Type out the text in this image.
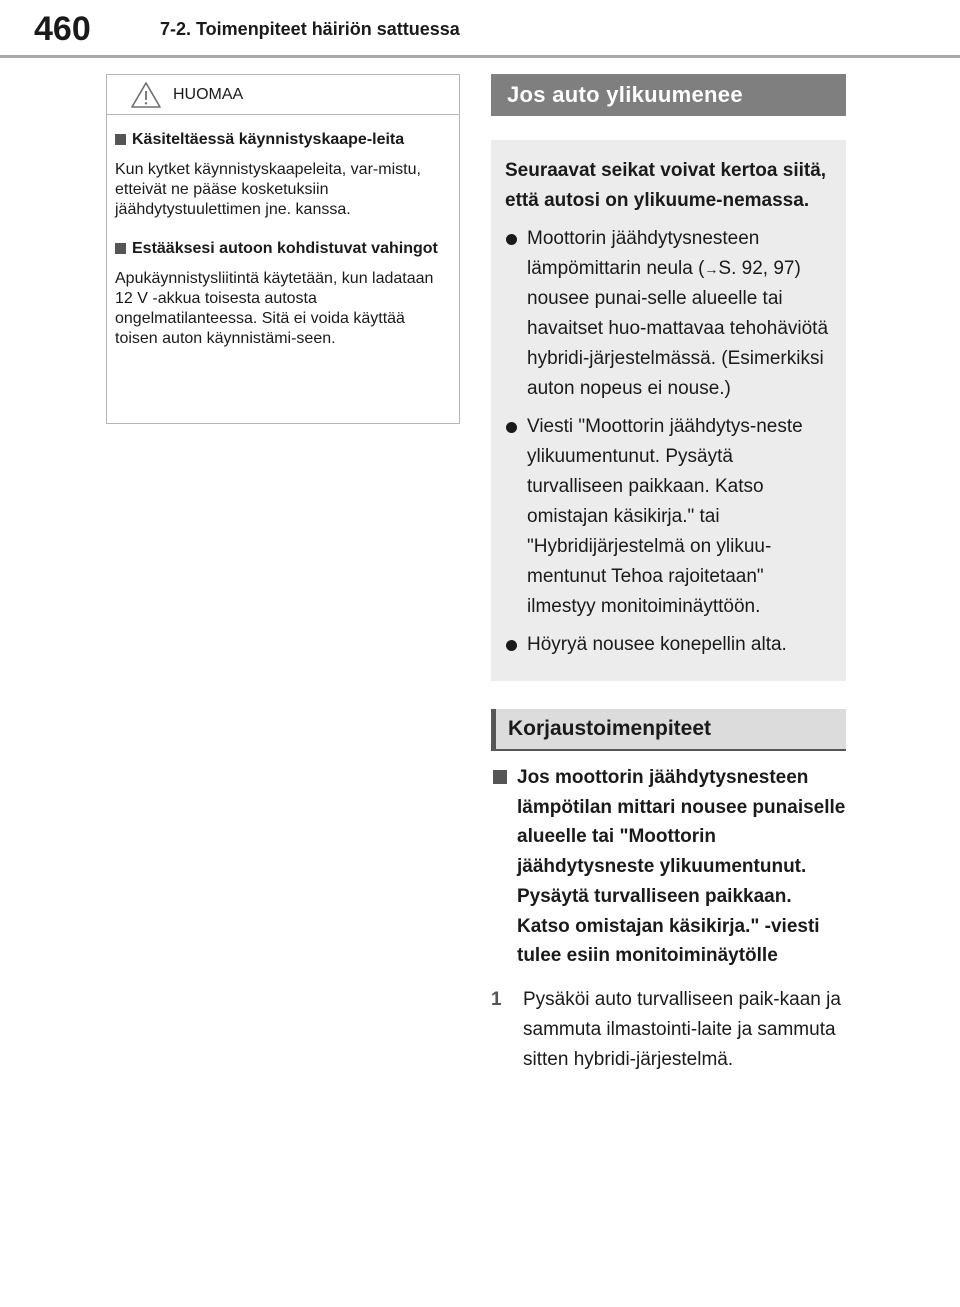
460	7-2. Toimenpiteet häiriön sattuessa
HUOMAA
Käsiteltäessä käynnistyskaape-leita
Kun kytket käynnistyskaapeleita, var-mistu, etteivät ne pääse kosketuksiin jäähdytystuulettimen jne. kanssa.
Estääksesi autoon kohdistuvat vahingot
Apukäynnistysliitintä käytetään, kun ladataan 12 V -akkua toisesta autosta ongelmatilanteessa. Sitä ei voida käyttää toisen auton käynnistämi-seen.
Jos auto ylikuumenee
Seuraavat seikat voivat kertoa siitä, että autosi on ylikuume-nemassa.
Moottorin jäähdytysnesteen lämpömittarin neula (→S. 92, 97) nousee punai-selle alueelle tai havaitset huo-mattavaa tehohäviötä hybridi-järjestelmässä. (Esimerkiksi auton nopeus ei nouse.)
Viesti "Moottorin jäähdytys-neste ylikuumentunut. Pysäytä turvalliseen paikkaan. Katso omistajan käsikirja." tai "Hybridijärjestelmä on ylikuu-mentunut Tehoa rajoitetaan" ilmestyy monitoiminäyttöön.
Höyryä nousee konepellin alta.
Korjaustoimenpiteet
Jos moottorin jäähdytysnesteen lämpötilan mittari nousee punaiselle alueelle tai "Moottorin jäähdytysneste ylikuumentunut. Pysäytä turvalliseen paikkaan. Katso omistajan käsikirja." -viesti tulee esiin monitoiminäytölle
1	Pysäköi auto turvalliseen paik-kaan ja sammuta ilmastointi-laite ja sammuta sitten hybridi-järjestelmä.
